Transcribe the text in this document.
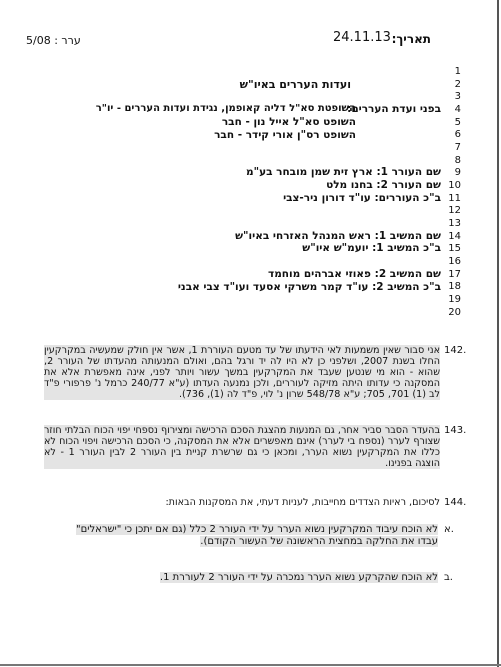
ערר : 5/08	24.11.13 תאריך:
1
2
3
4
5
6
7
8
9
10
11
12
13
14
15
16
17
18
19
20
ועדות העררים באיו"ש
בפני ועדת העררים:
השופטת סא"ל דליה קאופמן, נגידת ועדות העררים - יו"ר
השופט סא"ל אייל נון - חבר
השופט רס"ן אורי קידר - חבר
שם העורר 1: ארץ זית שמן מובחר בע"מ
שם העורר 2: בחנו מלט
ב"כ העוררים: עו"ד דורון ניר-צבי
שם המשיב 1: ראש המנהל האזרחי באיו"ש
ב"כ המשיב 1: יועמ"ש איו"ש
שם המשיב 2: פאוזי אברהים מוחמד
ב"כ המשיב 2: עו"ד קמר משרקי אסעד ועו"ד צבי אבני
142.
אני סבור שאין משמעות לאי הידעתו של עד מטעם העוררת 1, אשר אין חולק שמעשיה במקרקעין החלו בשנת 2007, ושלפני כן לא היו לה יד ורגל בהם, ואולם המנעותה מהעדתו של העורר 2, שהוא - הוא מי שנטען שעבד את המקרקעין במשך עשור ויותר לפני, אינה מאפשרת אלא את המסקנה כי עדותו היתה מזיקה לעוררים, ולכן נמנעה העדתו (ע"א 240/77 כרמל נ' פרפורי פ"ד לב (1) 701, 705; ע"א 548/78 שרון נ' לוי, פ"ד לה (1), 736).
143.
בהעדר הסבר סביר אחר, גם המנעות מהצגת הסכם הרכישה ומצירוף נספחי יפוי הכוח הבלתי חוזר שצורף לערר (נספח בי לערר) אינם מאפשרים אלא את המסקנה, כי הסכם הרכישה ויפוי הכוח לא כללו את המקרקעין נשוא הערר, ומכאן כי גם שרשרת קניית בין העורר 2 לבין העורר 1 - לא הוצגה בפנינו.
144.
לסיכום, ראיות הצדדים מחייבות, לעניות דעתי, את המסקנות הבאות:
א.
לא הוכח עיבוד המקרקעין נשוא הערר על ידי העורר 2 כלל (גם אם יתכן כי "ישראלים" עבדו את החלקה במחצית הראשונה של העשור הקודם).
ב.
לא הוכח שהקרקע נשוא הערר נמכרה על ידי העורר 2 לעוררת 1.
